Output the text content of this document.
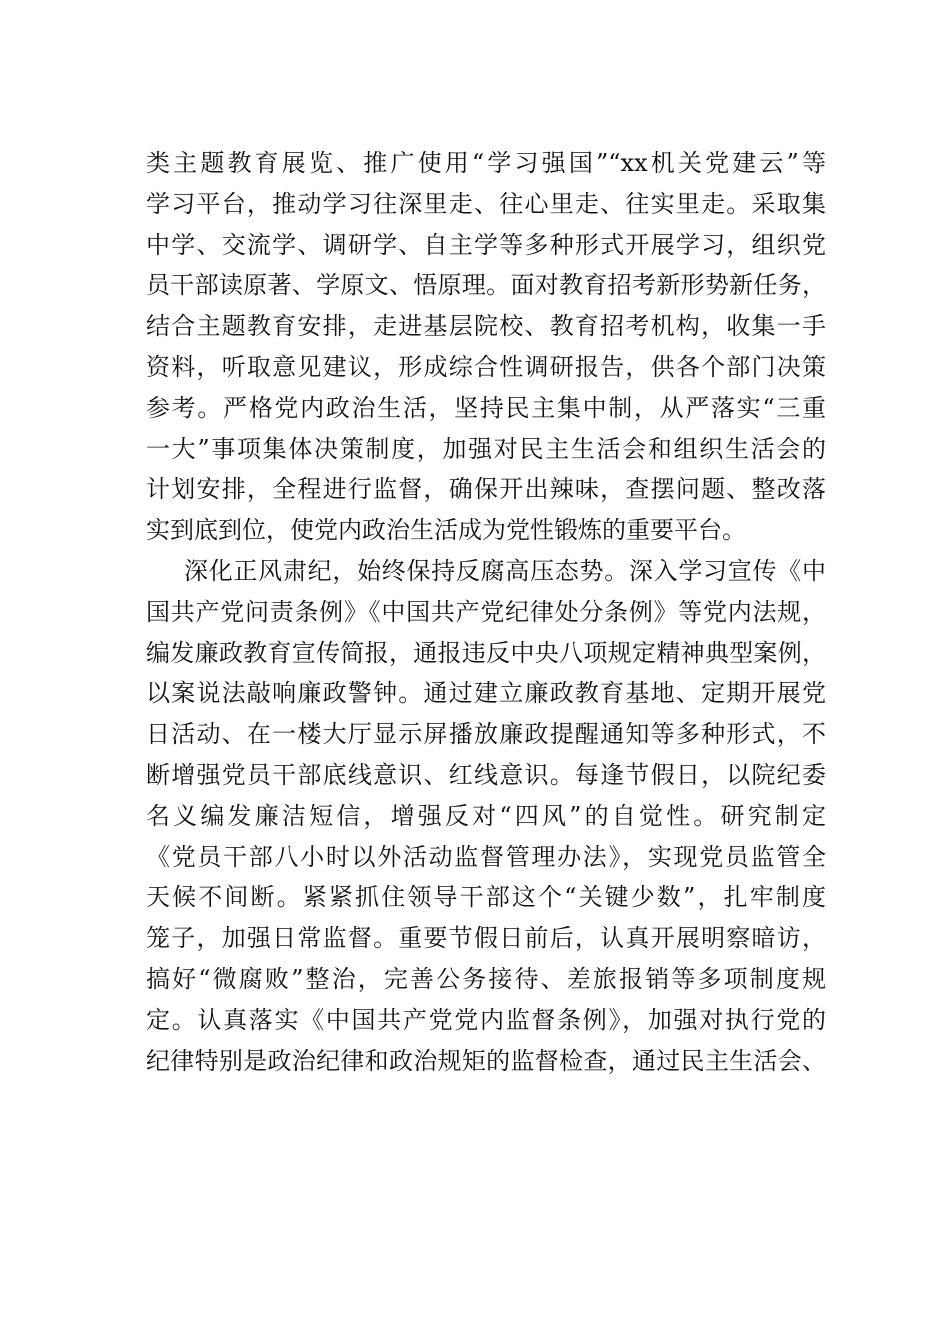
类主题教育展览、推广使用“学习强国”“xx机关党建云”等
学习平台，推动学习往深里走、往心里走、往实里走。采取集
中学、交流学、调研学、自主学等多种形式开展学习，组织党
员干部读原著、学原文、悟原理。面对教育招考新形势新任务，
结合主题教育安排，走进基层院校、教育招考机构，收集一手
资料，听取意见建议，形成综合性调研报告，供各个部门决策
参考。严格党内政治生活，坚持民主集中制，从严落实“三重
一大”事项集体决策制度，加强对民主生活会和组织生活会的
计划安排，全程进行监督，确保开出辣味，查摆问题、整改落
实到底到位，使党内政治生活成为党性锻炼的重要平台。
深化正风肃纪，始终保持反腐高压态势。深入学习宣传《中
国共产党问责条例》《中国共产党纪律处分条例》等党内法规，
编发廉政教育宣传简报，通报违反中央八项规定精神典型案例，
以案说法敲响廉政警钟。通过建立廉政教育基地、定期开展党
日活动、在一楼大厅显示屏播放廉政提醒通知等多种形式，不
断增强党员干部底线意识、红线意识。每逢节假日，以院纪委
名义编发廉洁短信，增强反对“四风”的自觉性。研究制定
《党员干部八小时以外活动监督管理办法》，实现党员监管全
天候不间断。紧紧抓住领导干部这个“关键少数”，扎牢制度
笼子，加强日常监督。重要节假日前后，认真开展明察暗访，
搞好“微腐败”整治，完善公务接待、差旅报销等多项制度规
定。认真落实《中国共产党党内监督条例》，加强对执行党的
纪律特别是政治纪律和政治规矩的监督检查，通过民主生活会、
